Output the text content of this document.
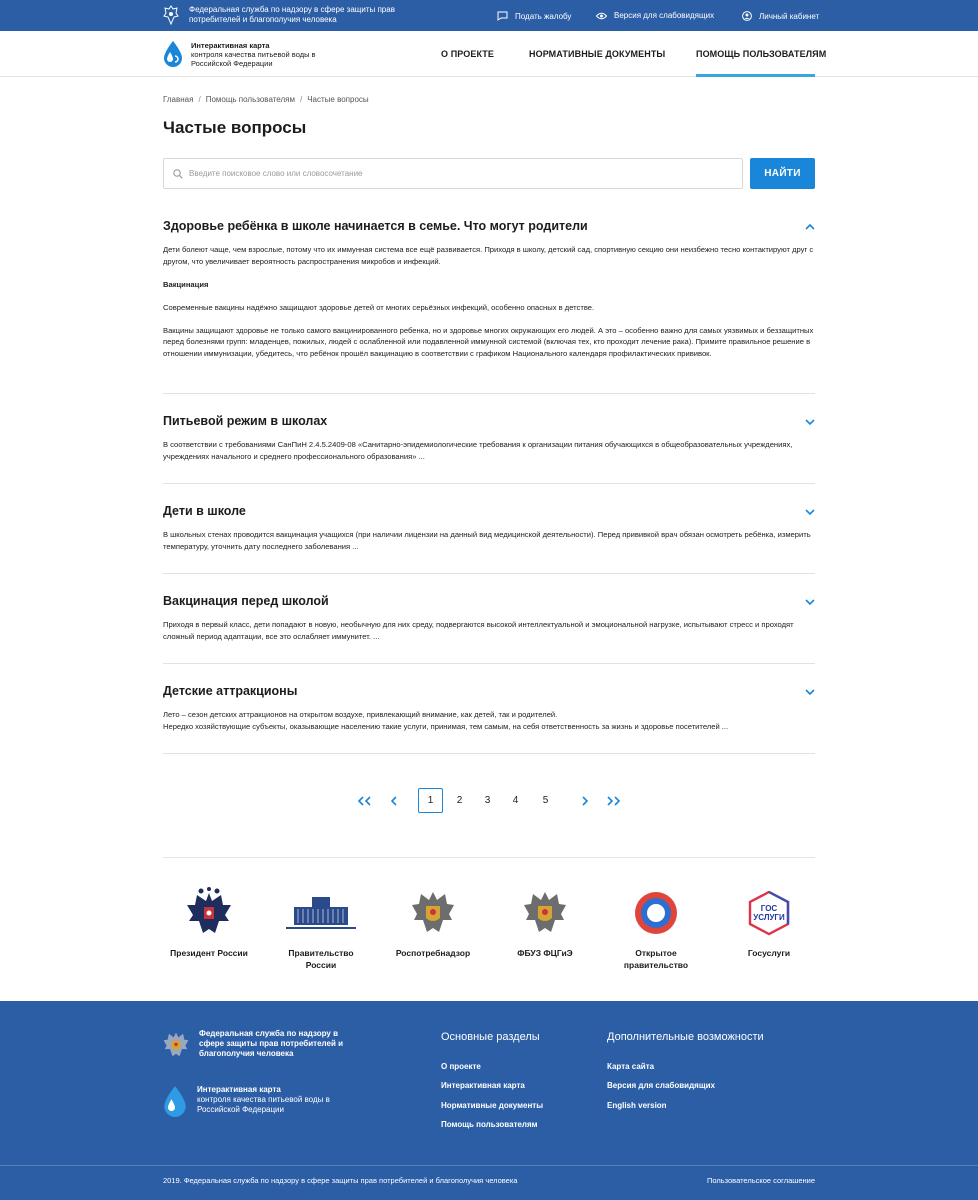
Федеральная служба по надзору в сфере защиты прав потребителей и благополучия человека	Подать жалобу	Версия для слабовидящих	Личный кабинет
Интерактивная карта
контроля качества питьевой воды в Российской Федерации
О ПРОЕКТЕ	НОРМАТИВНЫЕ ДОКУМЕНТЫ	ПОМОЩЬ ПОЛЬЗОВАТЕЛЯМ
Главная / Помощь пользователям / Частые вопросы
Частые вопросы
Введите поисковое слово или словосочетание
НАЙТИ
Здоровье ребёнка в школе начинается в семье. Что могут родители

Дети болеют чаще, чем взрослые, потому что их иммунная система все ещё развивается. Приходя в школу, детский сад, спортивную секцию они неизбежно тесно контактируют друг с другом, что увеличивает вероятность распространения микробов и инфекций.

Вакцинация

Современные вакцины надёжно защищают здоровье детей от многих серьёзных инфекций, особенно опасных в детстве.

Вакцины защищают здоровье не только самого вакцинированного ребенка, но и здоровье многих окружающих его людей. А это – особенно важно для самых уязвимых и беззащитных перед болезнями групп: младенцев, пожилых, людей с ослабленной или подавленной иммунной системой (включая тех, кто проходит лечение рака). Примите правильное решение в отношении иммунизации, убедитесь, что ребёнок прошёл вакцинацию в соответствии с графиком Национального календаря профилактических прививок.

Питьевой режим в школах

В соответствии с требованиями СанПиН 2.4.5.2409-08 «Санитарно-эпидемиологические требования к организации питания обучающихся в общеобразовательных учреждениях, учреждениях начального и среднего профессионального образования» ...

Дети в школе

В школьных стенах проводится вакцинация учащихся (при наличии лицензии на данный вид медицинской деятельности). Перед прививкой врач обязан осмотреть ребёнка, измерить температуру, уточнить дату последнего заболевания ...

Вакцинация перед школой

Приходя в первый класс, дети попадают в новую, необычную для них среду, подвергаются высокой интеллектуальной и эмоциональной нагрузке, испытывают стресс и проходят сложный период адаптации, все это ослабляет иммунитет. ...

Детские аттракционы

Лето – сезон детских аттракционов на открытом воздухе, привлекающий внимание, как детей, так и родителей.

Нередко хозяйствующие субъекты, оказывающие населению такие услуги, принимая, тем самым, на себя ответственность за жизнь и здоровье посетителей ...

1	2	3	4	5
Президент России	Правительство России
Роспотребнадзор	ФБУЗ ФЦГиЭ	Открытое правительство
ГОС
УСЛУГИ
Госуслуги
Федеральная служба по надзору в сфере защиты прав потребителей и благополучия человека
Интерактивная карта
контроля качества питьевой воды в Российской Федерации
Основные разделы
О проекте
Интерактивная карта
Нормативные документы
Помощь пользователям
Дополнительные возможности
Карта сайта
Версия для слабовидящих
English version
2019. Федеральная служба по надзору в сфере защиты прав потребителей и благополучия человека	Пользовательское соглашение
